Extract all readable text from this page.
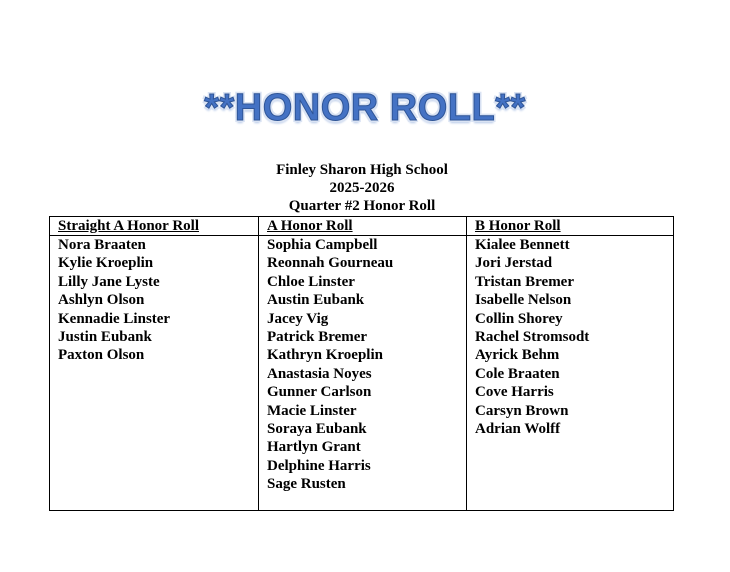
**HONOR ROLL**
Finley Sharon High School
2025-2026
Quarter #2 Honor Roll
Straight A Honor Roll
Nora Braaten
Kylie Kroeplin
Lilly Jane Lyste
Ashlyn Olson
Kennadie Linster
Justin Eubank
Paxton Olson
A Honor Roll
Sophia Campbell
Reonnah Gourneau
Chloe Linster
Austin Eubank
Jacey Vig
Patrick Bremer
Kathryn Kroeplin
Anastasia Noyes
Gunner Carlson
Macie Linster
Soraya Eubank
Hartlyn Grant
Delphine Harris
Sage Rusten
B Honor Roll
Kialee Bennett
Jori Jerstad
Tristan Bremer
Isabelle Nelson
Collin Shorey
Rachel Stromsodt
Ayrick Behm
Cole Braaten
Cove Harris
Carsyn Brown
Adrian Wolff
